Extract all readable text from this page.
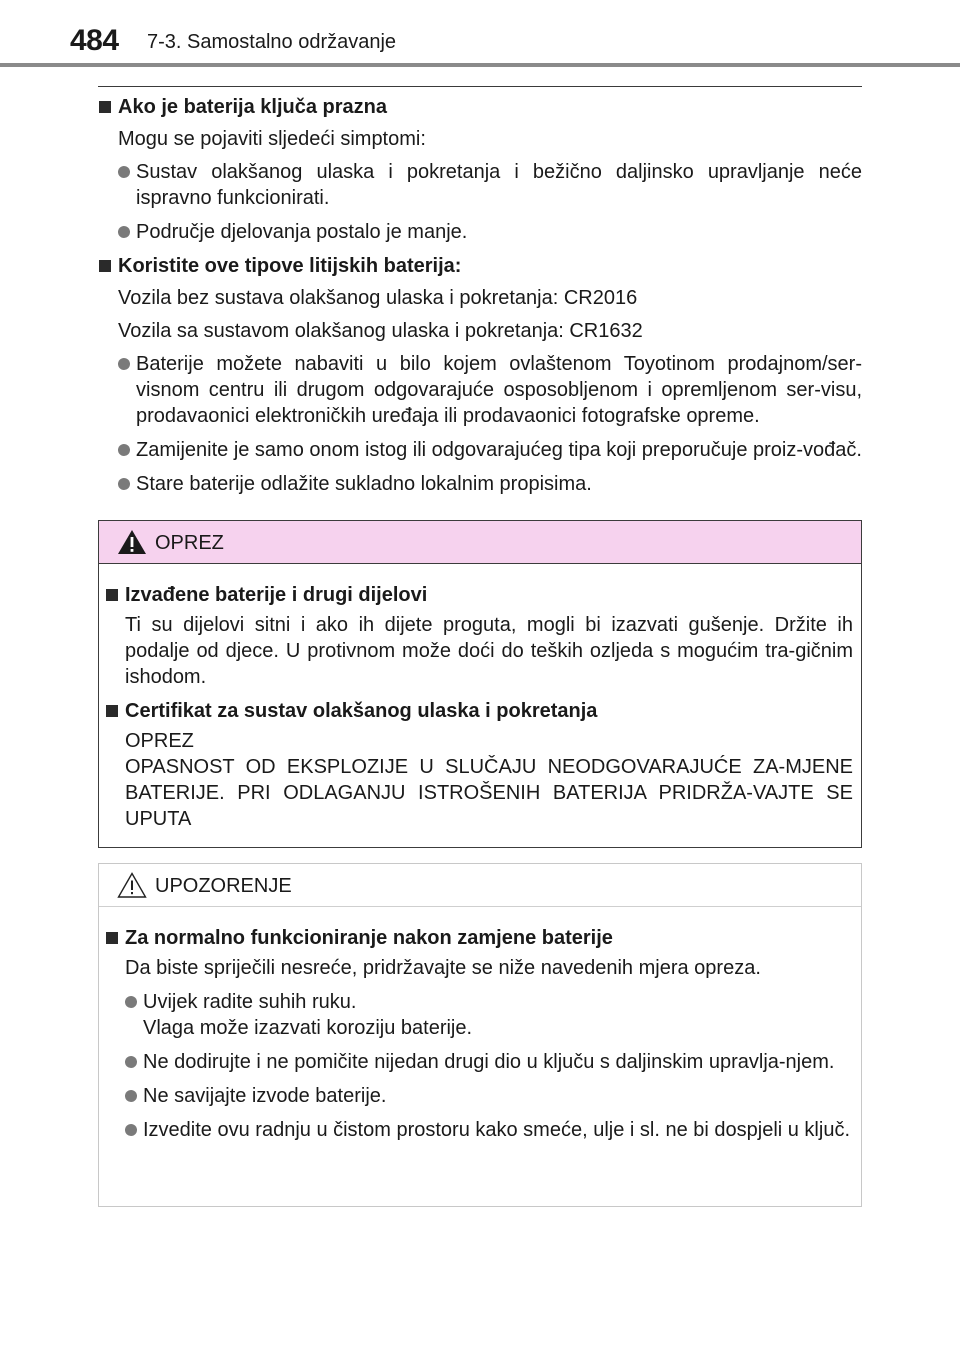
484 7-3. Samostalno održavanje
Ako je baterija ključa prazna
Mogu se pojaviti sljedeći simptomi:
Sustav olakšanog ulaska i pokretanja i bežično daljinsko upravljanje neće ispravno funkcionirati.
Područje djelovanja postalo je manje.
Koristite ove tipove litijskih baterija:
Vozila bez sustava olakšanog ulaska i pokretanja: CR2016
Vozila sa sustavom olakšanog ulaska i pokretanja: CR1632
Baterije možete nabaviti u bilo kojem ovlaštenom Toyotinom prodajnom/ser-visnom centru ili drugom odgovarajuće osposobljenom i opremljenom ser-visu, prodavaonici elektroničkih uređaja ili prodavaonici fotografske opreme.
Zamijenite je samo onom istog ili odgovarajućeg tipa koji preporučuje proiz-vođač.
Stare baterije odlažite sukladno lokalnim propisima.
OPREZ
Izvađene baterije i drugi dijelovi
Ti su dijelovi sitni i ako ih dijete proguta, mogli bi izazvati gušenje. Držite ih podalje od djece. U protivnom može doći do teških ozljeda s mogućim tra-gičnim ishodom.
Certifikat za sustav olakšanog ulaska i pokretanja
OPREZ
OPASNOST OD EKSPLOZIJE U SLUČAJU NEODGOVARAJUĆE ZA-MJENE BATERIJE. PRI ODLAGANJU ISTROŠENIH BATERIJA PRIDRŽA-VAJTE SE UPUTA
UPOZORENJE
Za normalno funkcioniranje nakon zamjene baterije
Da biste spriječili nesreće, pridržavajte se niže navedenih mjera opreza.
Uvijek radite suhih ruku.
Vlaga može izazvati koroziju baterije.
Ne dodirujte i ne pomičite nijedan drugi dio u ključu s daljinskim upravlja-njem.
Ne savijajte izvode baterije.
Izvedite ovu radnju u čistom prostoru kako smeće, ulje i sl. ne bi dospjeli u ključ.
